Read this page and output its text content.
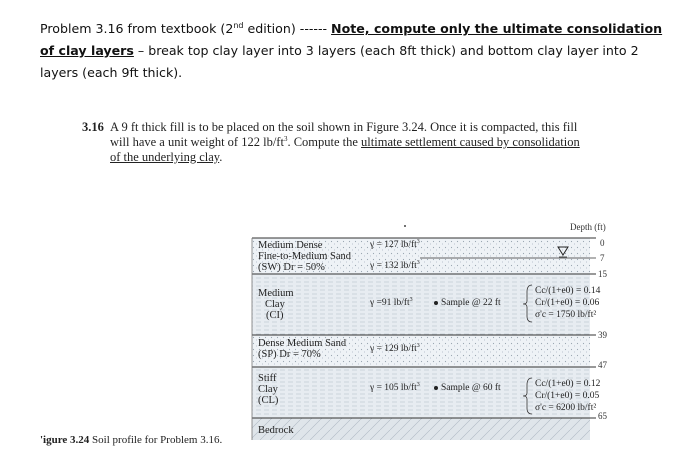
Problem 3.16 from textbook (2nd edition) ------ Note, compute only the ultimate consolidation of clay layers – break top clay layer into 3 layers (each 8ft thick) and bottom clay layer into 2 layers (each 9ft thick).
3.16 A 9 ft thick fill is to be placed on the soil shown in Figure 3.24. Once it is compacted, this fill
will have a unit weight of 122 $lb/ft^3$. Compute the ultimate settlement caused by consolidation
of the underlying clay.
Medium Dense
Fine-to-Medium Sand
(SW) Dr = 50%
Medium
Clay
(CI)
Dense Medium Sand
(SP) Dr = 70%
Stiff
Clay
(CL)
Bedrock
γ = 127 $lb/ft^3$
γ = 132 $lb/ft^3$
γ =91 $lb/ft^3$
γ = 129 $lb/ft^3$
γ = 105 $lb/ft^3$
Sample @ 22 ft
Sample @ 60 ft
Cc/(1+e0) = 0.14
Cr/(1+e0) = 0.06
σ'c = 1750 lb/ft²
Cc/(1+e0) = 0.12
Cr/(1+e0) = 0.05
σ'c = 6200 lb/ft²
Depth (ft)
0
7
15
39
47
65
'igure 3.24 Soil profile for Problem 3.16.
